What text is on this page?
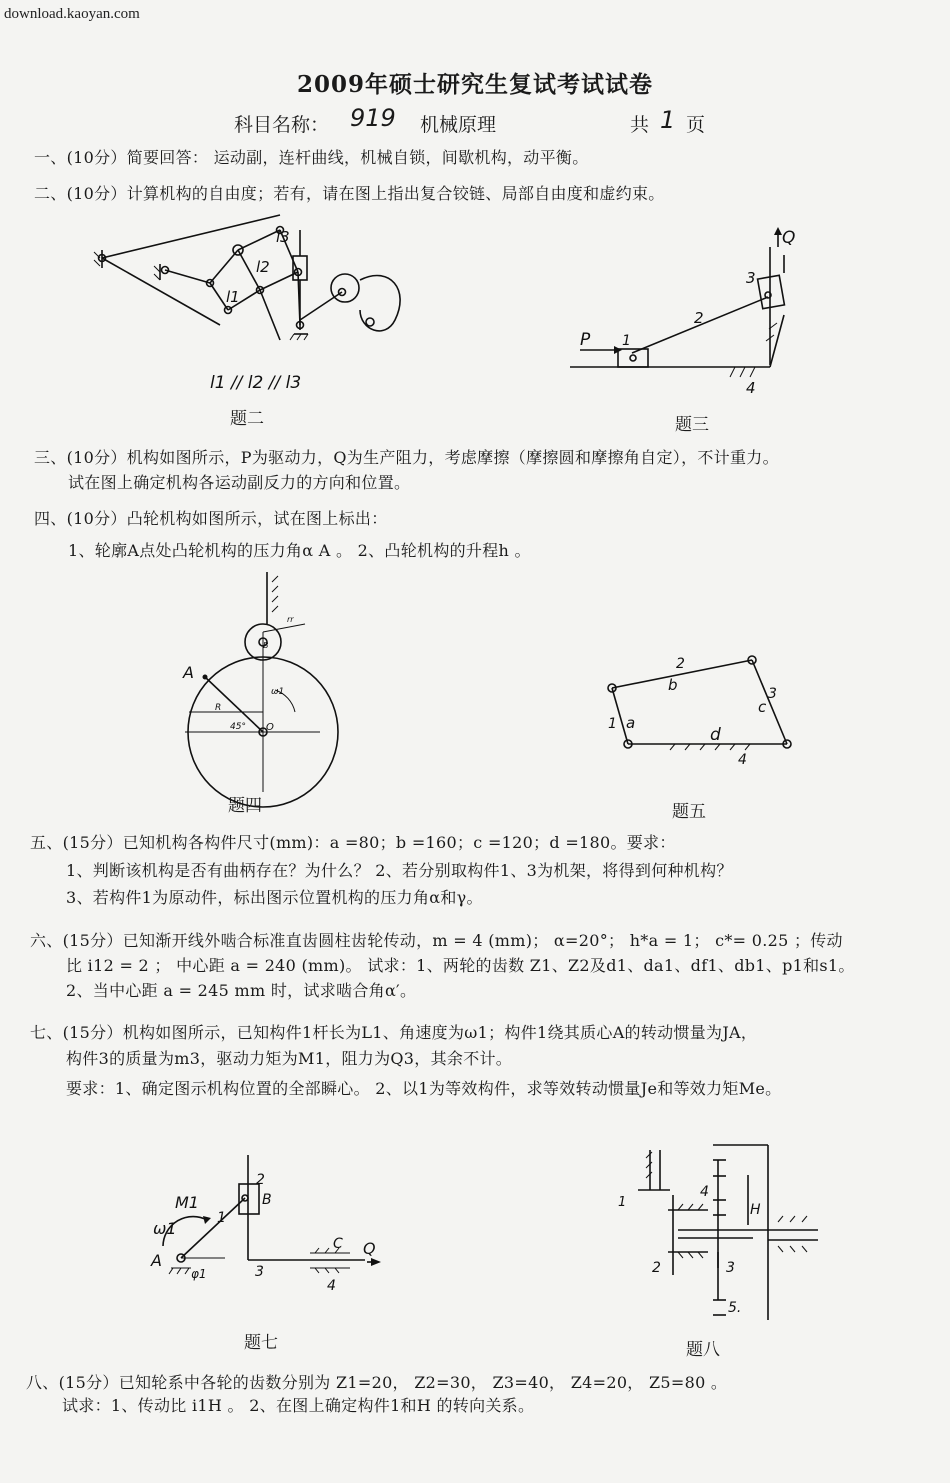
download.kaoyan.com
2009年硕士研究生复试考试试卷
科目名称： 919 机械原理	共 1 页
一、(10分）简要回答： 运动副，连杆曲线，机械自锁，间歇机构，动平衡。
二、(10分）计算机构的自由度；若有，请在图上指出复合铰链、局部自由度和虚约束。
l3
l2
l1
l1 // l2 // l3
题二
Q
P 1
2
3
4
题三
三、(10分）机构如图所示，P为驱动力，Q为生产阻力，考虑摩擦（摩擦圆和摩擦角自定），不计重力。
试在图上确定机构各运动副反力的方向和位置。
四、(10分）凸轮机构如图所示，试在图上标出：
1、轮廓A点处凸轮机构的压力角α A 。 2、凸轮机构的升程h 。
A
B
O
R
rr
ω1
45°
题四
2
b	3
c
1 a
d
4
题五
五、(15分）已知机构各构件尺寸(mm)：a =80；b =160；c =120；d =180。要求：
1、判断该机构是否有曲柄存在？为什么？ 2、若分别取构件1、3为机架，将得到何种机构？
3、若构件1为原动件，标出图示位置机构的压力角α和γ。
六、(15分）已知渐开线外啮合标准直齿圆柱齿轮传动，m = 4 (mm)； α=20°； h*a = 1； c*= 0.25 ；传动
比 i12 = 2 ； 中心距 a = 240 (mm)。 试求：1、两轮的齿数 Z1、Z2及d1、da1、df1、db1、p1和s1。
2、当中心距 a = 245 mm 时，试求啮合角α′。
七、(15分）机构如图所示，已知构件1杆长为L1、角速度为ω1；构件1绕其质心A的转动惯量为JA，
构件3的质量为m3，驱动力矩为M1，阻力为Q3，其余不计。
要求：1、确定图示机构位置的全部瞬心。 2、以1为等效构件，求等效转动惯量Je和等效力矩Me。
M1
ω1
1
A
φ1
2
B
3
C Q
4
题七
1
2	3
4
5.
H
题八
八、(15分）已知轮系中各轮的齿数分别为 Z1=20， Z2=30， Z3=40， Z4=20， Z5=80 。
试求：1、传动比 i1H 。 2、在图上确定构件1和H 的转向关系。
